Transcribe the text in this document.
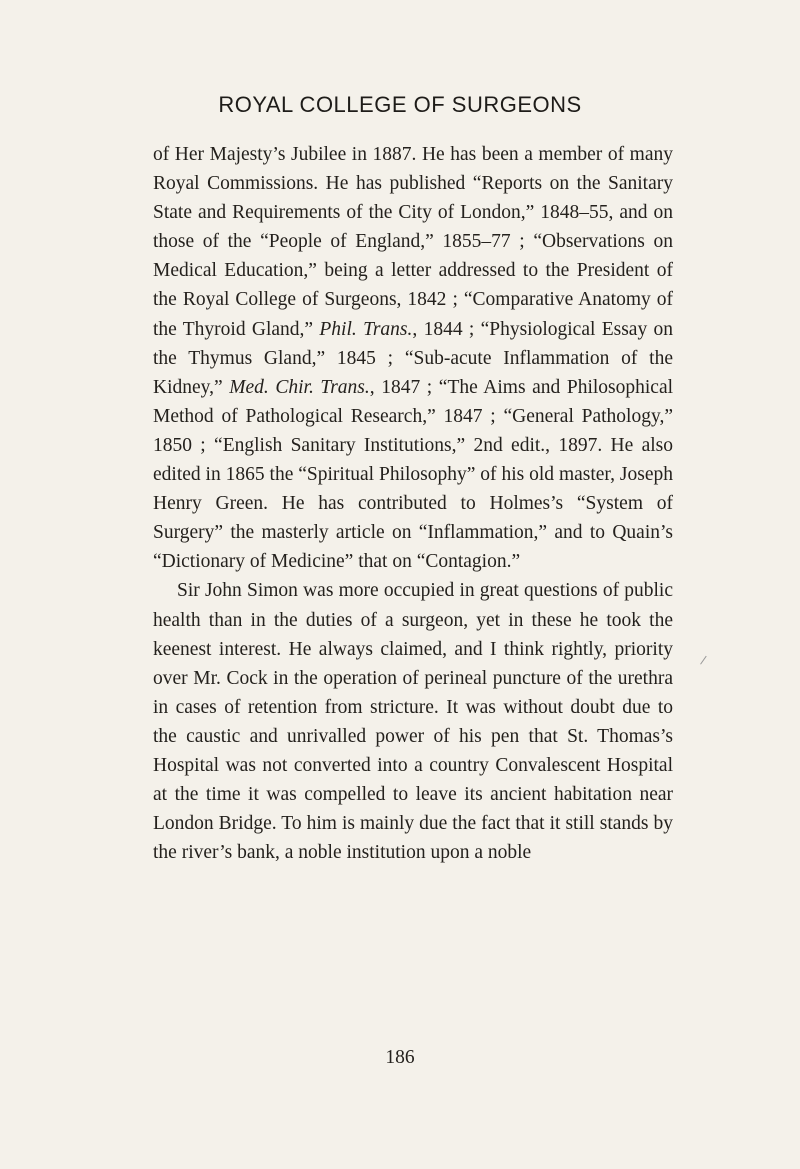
ROYAL COLLEGE OF SURGEONS

of Her Majesty’s Jubilee in 1887. He has been a member of many Royal Commissions. He has published “Reports on the Sanitary State and Requirements of the City of London,” 1848–55, and on those of the “People of England,” 1855–77 ; “Observations on Medical Education,” being a letter addressed to the President of the Royal College of Surgeons, 1842 ; “Comparative Anatomy of the Thyroid Gland,” Phil. Trans., 1844 ; “Physiological Essay on the Thymus Gland,” 1845 ; “Sub-acute Inflammation of the Kidney,” Med. Chir. Trans., 1847 ; “The Aims and Philosophical Method of Pathological Research,” 1847 ; “General Pathology,” 1850 ; “English Sanitary Institutions,” 2nd edit., 1897. He also edited in 1865 the “Spiritual Philosophy” of his old master, Joseph Henry Green. He has contributed to Holmes’s “System of Surgery” the masterly article on “Inflammation,” and to Quain’s “Dictionary of Medicine” that on “Contagion.”

Sir John Simon was more occupied in great questions of public health than in the duties of a surgeon, yet in these he took the keenest interest. He always claimed, and I think rightly, priority over Mr. Cock in the operation of perineal puncture of the urethra in cases of retention from stricture. It was without doubt due to the caustic and unrivalled power of his pen that St. Thomas’s Hospital was not converted into a country Convalescent Hospital at the time it was compelled to leave its ancient habitation near London Bridge. To him is mainly due the fact that it still stands by the river’s bank, a noble institution upon a noble

186
